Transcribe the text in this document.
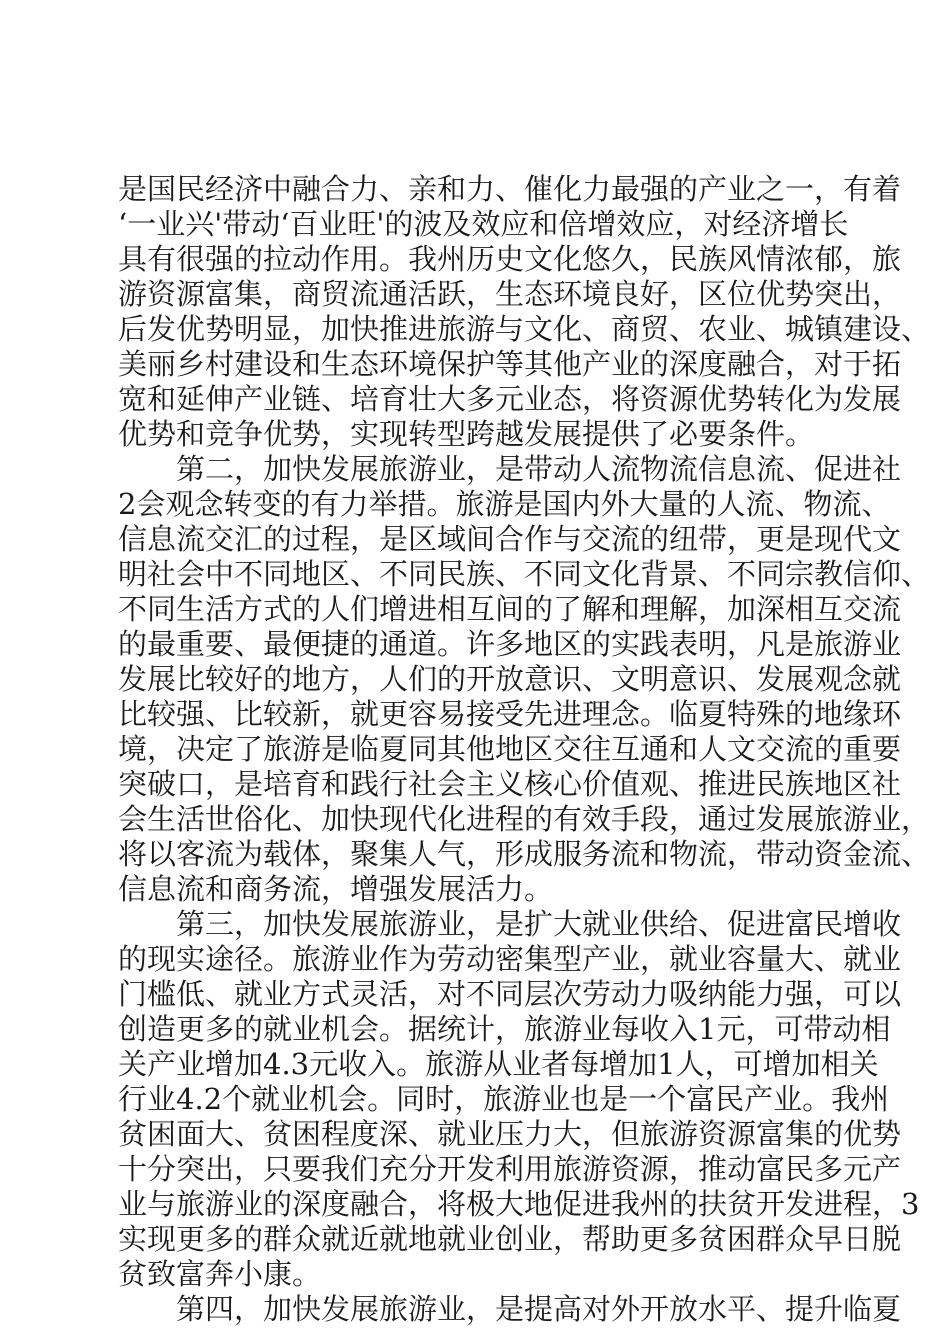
是国民经济中融合力、亲和力、催化力最强的产业之一，有着
‘一业兴'带动‘百业旺'的波及效应和倍增效应，对经济增长
具有很强的拉动作用。我州历史文化悠久，民族风情浓郁，旅
游资源富集，商贸流通活跃，生态环境良好，区位优势突出，
后发优势明显，加快推进旅游与文化、商贸、农业、城镇建设、
美丽乡村建设和生态环境保护等其他产业的深度融合，对于拓
宽和延伸产业链、培育壮大多元业态，将资源优势转化为发展
优势和竞争优势，实现转型跨越发展提供了必要条件。
第二，加快发展旅游业，是带动人流物流信息流、促进社
2会观念转变的有力举措。旅游是国内外大量的人流、物流、
信息流交汇的过程，是区域间合作与交流的纽带，更是现代文
明社会中不同地区、不同民族、不同文化背景、不同宗教信仰、
不同生活方式的人们增进相互间的了解和理解，加深相互交流
的最重要、最便捷的通道。许多地区的实践表明，凡是旅游业
发展比较好的地方，人们的开放意识、文明意识、发展观念就
比较强、比较新，就更容易接受先进理念。临夏特殊的地缘环
境，决定了旅游是临夏同其他地区交往互通和人文交流的重要
突破口，是培育和践行社会主义核心价值观、推进民族地区社
会生活世俗化、加快现代化进程的有效手段，通过发展旅游业，
将以客流为载体，聚集人气，形成服务流和物流，带动资金流、
信息流和商务流，增强发展活力。
第三，加快发展旅游业，是扩大就业供给、促进富民增收
的现实途径。旅游业作为劳动密集型产业，就业容量大、就业
门槛低、就业方式灵活，对不同层次劳动力吸纳能力强，可以
创造更多的就业机会。据统计，旅游业每收入1元，可带动相
关产业增加4.3元收入。旅游从业者每增加1人，可增加相关
行业4.2个就业机会。同时，旅游业也是一个富民产业。我州
贫困面大、贫困程度深、就业压力大，但旅游资源富集的优势
十分突出，只要我们充分开发利用旅游资源，推动富民多元产
业与旅游业的深度融合，将极大地促进我州的扶贫开发进程，3
实现更多的群众就近就地就业创业，帮助更多贫困群众早日脱
贫致富奔小康。
第四，加快发展旅游业，是提高对外开放水平、提升临夏
